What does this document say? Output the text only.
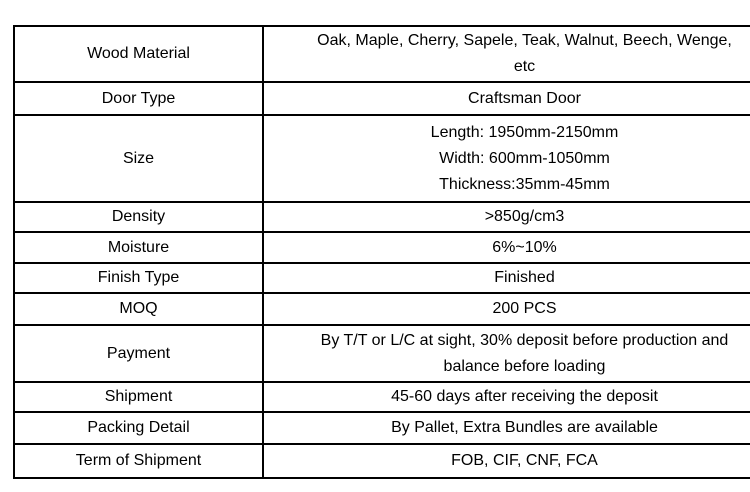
Wood Material	Oak, Maple, Cherry, Sapele, Teak, Walnut, Beech, Wenge,
etc

Door Type	Craftsman Door
Size	Length: 1950mm-2150mm
Width: 600mm-1050mm
Thickness:35mm-45mm

Density	>850g/cm3
Moisture	6%~10%
Finish Type	Finished
MOQ	200 PCS
Payment	By T/T or L/C at sight, 30% deposit before production and
balance before loading

Shipment	45-60 days after receiving the deposit
Packing Detail	By Pallet, Extra Bundles are available
Term of Shipment	FOB, CIF, CNF, FCA
